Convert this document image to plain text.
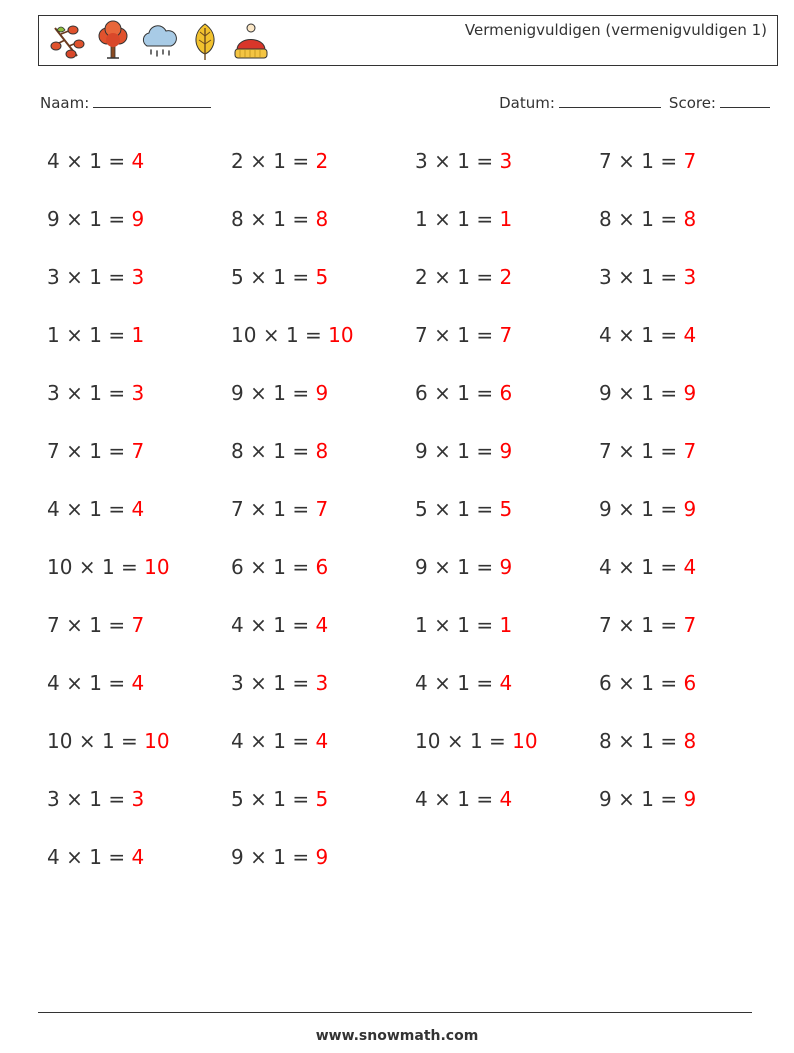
Vermenigvuldigen (vermenigvuldigen 1)
Naam:	Datum:	Score:
4 × 1 = 4	2 × 1 = 2	3 × 1 = 3	7 × 1 = 7
9 × 1 = 9	8 × 1 = 8	1 × 1 = 1	8 × 1 = 8
3 × 1 = 3	5 × 1 = 5	2 × 1 = 2	3 × 1 = 3
1 × 1 = 1	10 × 1 = 10	7 × 1 = 7	4 × 1 = 4
3 × 1 = 3	9 × 1 = 9	6 × 1 = 6	9 × 1 = 9
7 × 1 = 7	8 × 1 = 8	9 × 1 = 9	7 × 1 = 7
4 × 1 = 4	7 × 1 = 7	5 × 1 = 5	9 × 1 = 9
10 × 1 = 10	6 × 1 = 6	9 × 1 = 9	4 × 1 = 4
7 × 1 = 7	4 × 1 = 4	1 × 1 = 1	7 × 1 = 7
4 × 1 = 4	3 × 1 = 3	4 × 1 = 4	6 × 1 = 6
10 × 1 = 10	4 × 1 = 4	10 × 1 = 10	8 × 1 = 8
3 × 1 = 3	5 × 1 = 5	4 × 1 = 4	9 × 1 = 9
4 × 1 = 4	9 × 1 = 9
www.snowmath.com
